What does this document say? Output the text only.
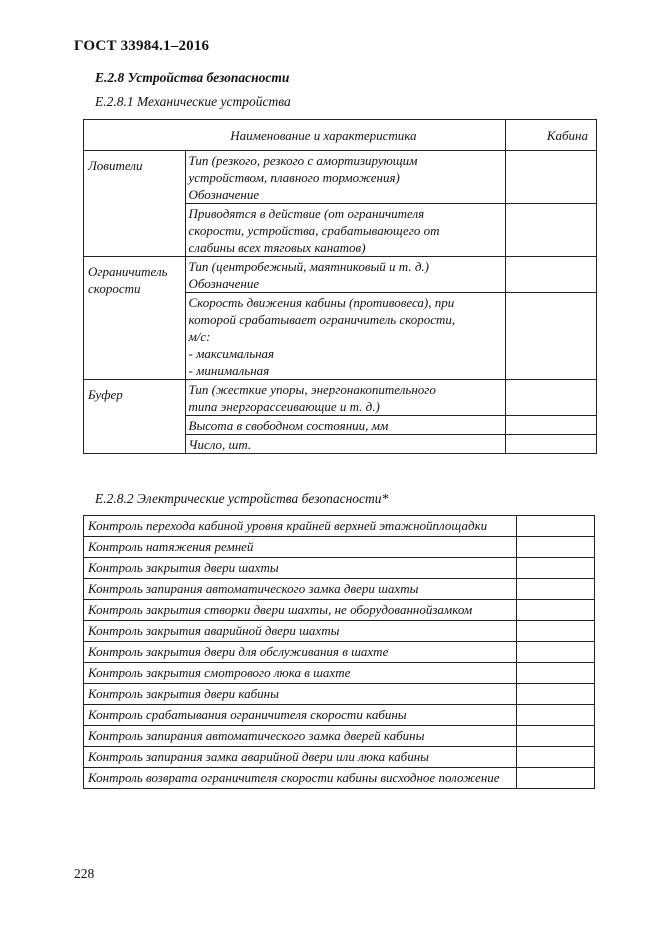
ГОСТ 33984.1–2016
Е.2.8 Устройства безопасности
Е.2.8.1 Механические устройства
Наименование и характеристика		Кабина

Ловители	Тип (резкого, резкого с амортизирующим
устройством, плавного торможения)
Обозначение	

	Приводятся в действие (от ограничителя
скорости, устройства, срабатывающего от
слабины всех тяговых канатов)	

Ограничитель
скорости	Тип (центробежный, маятниковый и т. д.)
Обозначение	

	Скорость движения кабины (противовеса), при
которой срабатывает ограничитель скорости,
м/с:
- максимальная
- минимальная	

Буфер	Тип (жесткие упоры, энергонакопительного
типа энергорассеивающие и т. д.)	

	Высота в свободном состоянии, мм	

	Число, шт.	

Е.2.8.2 Электрические устройства безопасности*
Контроль перехода кабиной уровня крайней верхней этажнойплощадки	
Контроль натяжения ремней	
Контроль закрытия двери шахты	
Контроль запирания автоматического замка двери шахты	
Контроль закрытия створки двери шахты, не оборудованнойзамком	
Контроль закрытия аварийной двери шахты	
Контроль закрытия двери для обслуживания в шахте	
Контроль закрытия смотрового люка в шахте	
Контроль закрытия двери кабины	
Контроль срабатывания ограничителя скорости кабины	
Контроль запирания автоматического замка дверей кабины	
Контроль запирания замка аварийной двери или люка кабины	
Контроль возврата ограничителя скорости кабины висходное положение	
228
